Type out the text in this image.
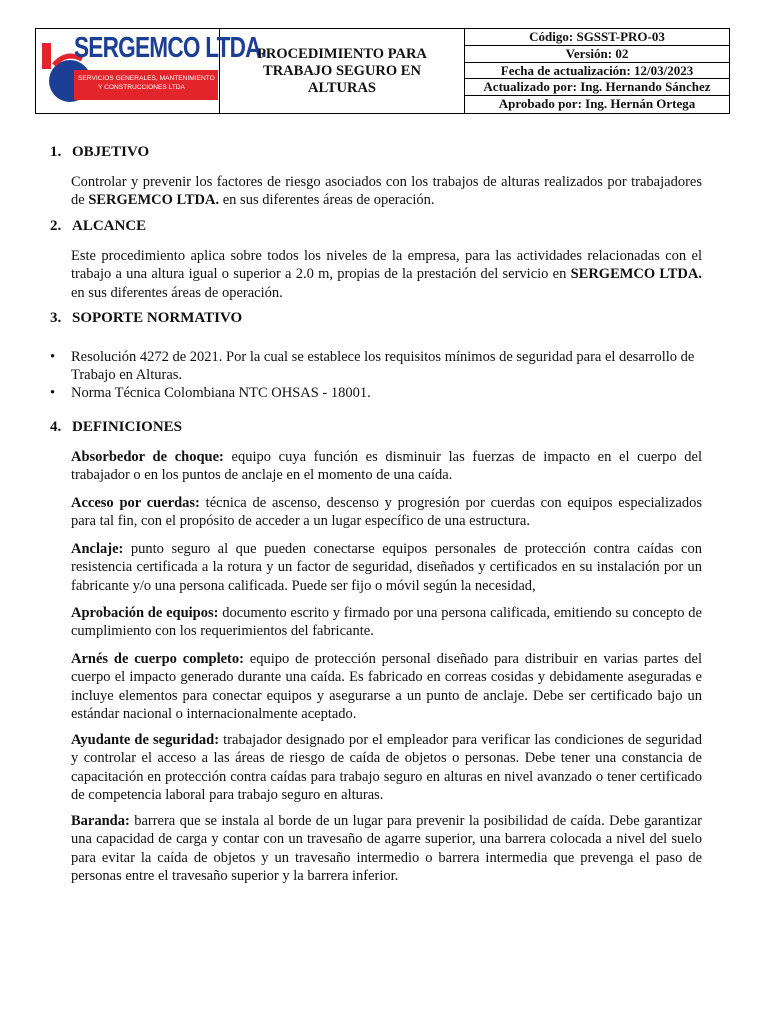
SERGEMCO LTDA.
SERVICIOS GENERALES, MANTENIMIENTO
Y CONSTRUCCIONES LTDA
PROCEDIMIENTO PARA TRABAJO SEGURO EN ALTURAS
Código: SGSST-PRO-03
Versión: 02
Fecha de actualización: 12/03/2023
Actualizado por: Ing. Hernando Sánchez
Aprobado por: Ing. Hernán Ortega
1. OBJETIVO
Controlar y prevenir los factores de riesgo asociados con los trabajos de alturas realizados por trabajadores de SERGEMCO LTDA. en sus diferentes áreas de operación.
2. ALCANCE
Este procedimiento aplica sobre todos los niveles de la empresa, para las actividades relacionadas con el trabajo a una altura igual o superior a 2.0 m, propias de la prestación del servicio en SERGEMCO LTDA. en sus diferentes áreas de operación.
3. SOPORTE NORMATIVO
• Resolución 4272 de 2021. Por la cual se establece los requisitos mínimos de seguridad para el desarrollo de Trabajo en Alturas.
• Norma Técnica Colombiana NTC OHSAS - 18001.
4. DEFINICIONES
Absorbedor de choque: equipo cuya función es disminuir las fuerzas de impacto en el cuerpo del trabajador o en los puntos de anclaje en el momento de una caída.
Acceso por cuerdas: técnica de ascenso, descenso y progresión por cuerdas con equipos especializados para tal fin, con el propósito de acceder a un lugar específico de una estructura.
Anclaje: punto seguro al que pueden conectarse equipos personales de protección contra caídas con resistencia certificada a la rotura y un factor de seguridad, diseñados y certificados en su instalación por un fabricante y/o una persona calificada. Puede ser fijo o móvil según la necesidad,
Aprobación de equipos: documento escrito y firmado por una persona calificada, emitiendo su concepto de cumplimiento con los requerimientos del fabricante.
Arnés de cuerpo completo: equipo de protección personal diseñado para distribuir en varias partes del cuerpo el impacto generado durante una caída. Es fabricado en correas cosidas y debidamente aseguradas e incluye elementos para conectar equipos y asegurarse a un punto de anclaje. Debe ser certificado bajo un estándar nacional o internacionalmente aceptado.
Ayudante de seguridad: trabajador designado por el empleador para verificar las condiciones de seguridad y controlar el acceso a las áreas de riesgo de caída de objetos o personas. Debe tener una constancia de capacitación en protección contra caídas para trabajo seguro en alturas en nivel avanzado o tener certificado de competencia laboral para trabajo seguro en alturas.
Baranda: barrera que se instala al borde de un lugar para prevenir la posibilidad de caída. Debe garantizar una capacidad de carga y contar con un travesaño de agarre superior, una barrera colocada a nivel del suelo para evitar la caída de objetos y un travesaño intermedio o barrera intermedia que prevenga el paso de personas entre el travesaño superior y la barrera inferior.
